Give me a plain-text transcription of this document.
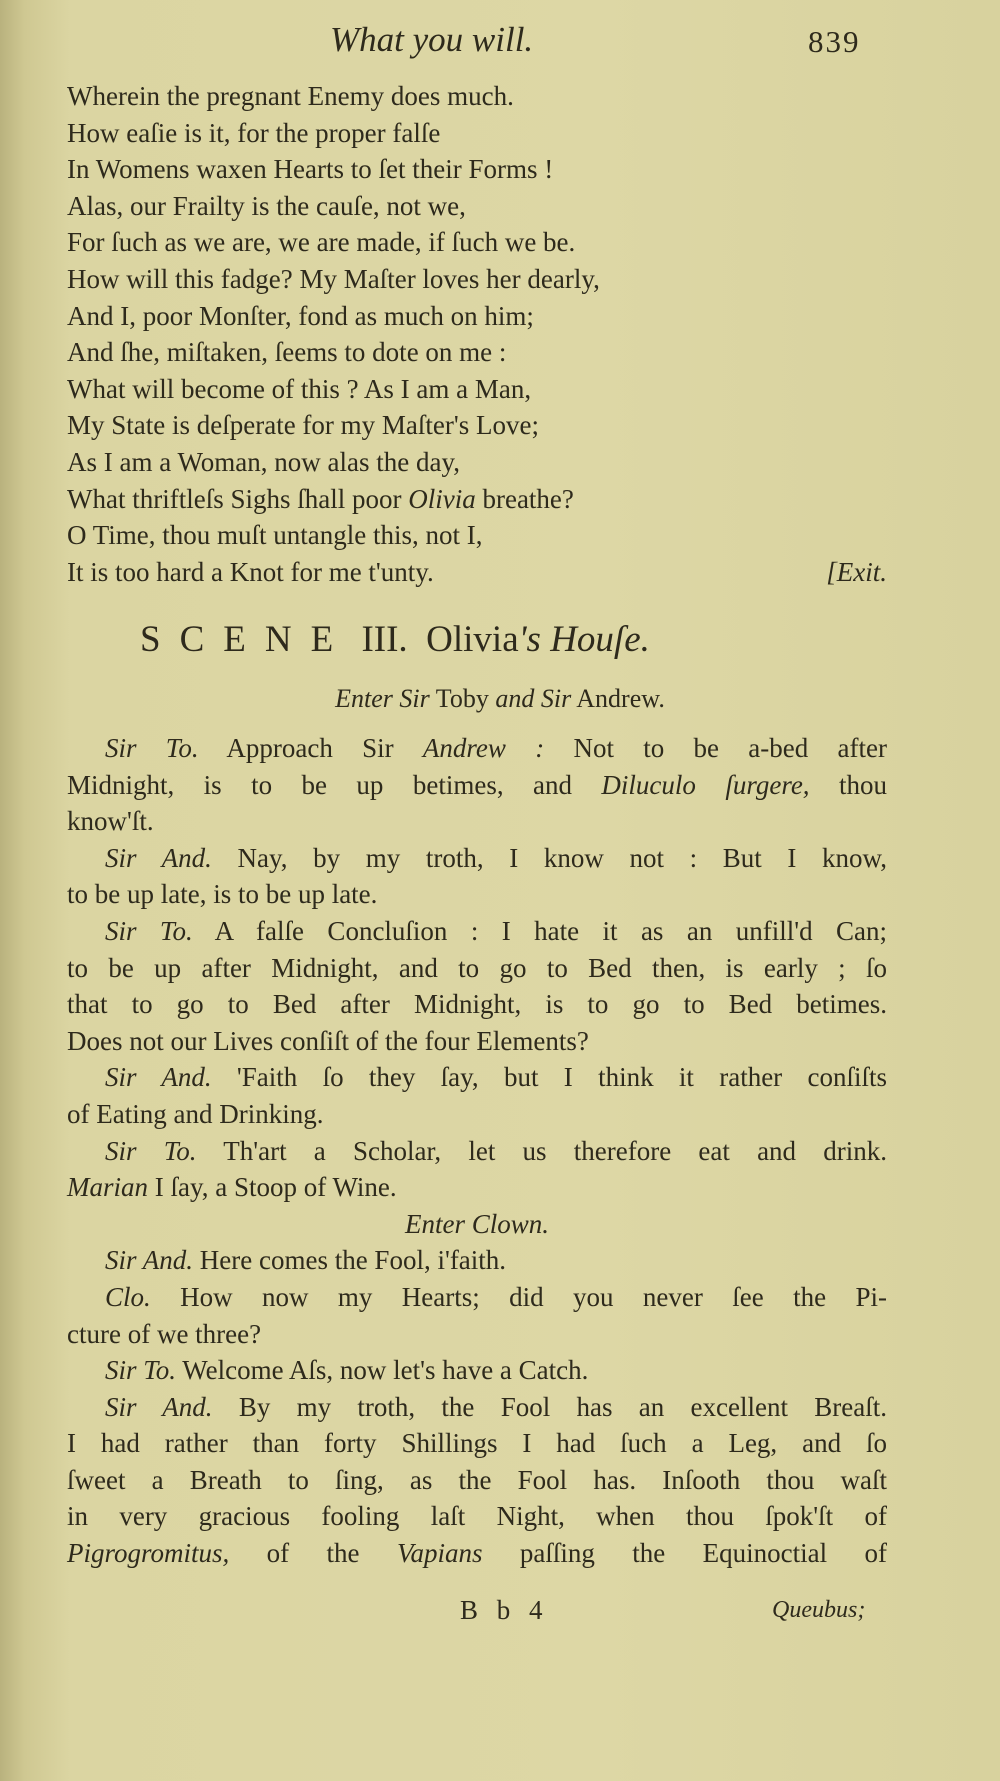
What you will.	839
Wherein the pregnant Enemy does much.
How eaſie is it, for the proper falſe
In Womens waxen Hearts to ſet their Forms !
Alas, our Frailty is the cauſe, not we,
For ſuch as we are, we are made, if ſuch we be.
How will this fadge? My Maſter loves her dearly,
And I, poor Monſter, fond as much on him;
And ſhe, miſtaken, ſeems to dote on me :
What will become of this ? As I am a Man,
My State is deſperate for my Maſter's Love;
As I am a Woman, now alas the day,
What thriftleſs Sighs ſhall poor Olivia breathe?
O Time, thou muſt untangle this, not I,
It is too hard a Knot for me t'unty.	[Exit.
SCENE III. Olivia's Houſe.
Enter Sir Toby and Sir Andrew.
Sir To. Approach Sir Andrew : Not to be a-bed after
Midnight, is to be up betimes, and Diluculo ſurgere, thou
know'ſt.
Sir And. Nay, by my troth, I know not : But I know,
to be up late, is to be up late.
Sir To. A falſe Concluſion : I hate it as an unfill'd Can;
to be up after Midnight, and to go to Bed then, is early ; ſo
that to go to Bed after Midnight, is to go to Bed betimes.
Does not our Lives conſiſt of the four Elements?
Sir And. 'Faith ſo they ſay, but I think it rather conſiſts
of Eating and Drinking.
Sir To. Th'art a Scholar, let us therefore eat and drink.
Marian I ſay, a Stoop of Wine.
Enter Clown.
Sir And. Here comes the Fool, i'faith.
Clo. How now my Hearts; did you never ſee the Pi-
cture of we three?
Sir To. Welcome Aſs, now let's have a Catch.
Sir And. By my troth, the Fool has an excellent Breaſt.
I had rather than forty Shillings I had ſuch a Leg, and ſo
ſweet a Breath to ſing, as the Fool has. Inſooth thou waſt
in very gracious fooling laſt Night, when thou ſpok'ſt of
Pigrogromitus, of the Vapians paſſing the Equinoctial of
B b 4	Queubus;
